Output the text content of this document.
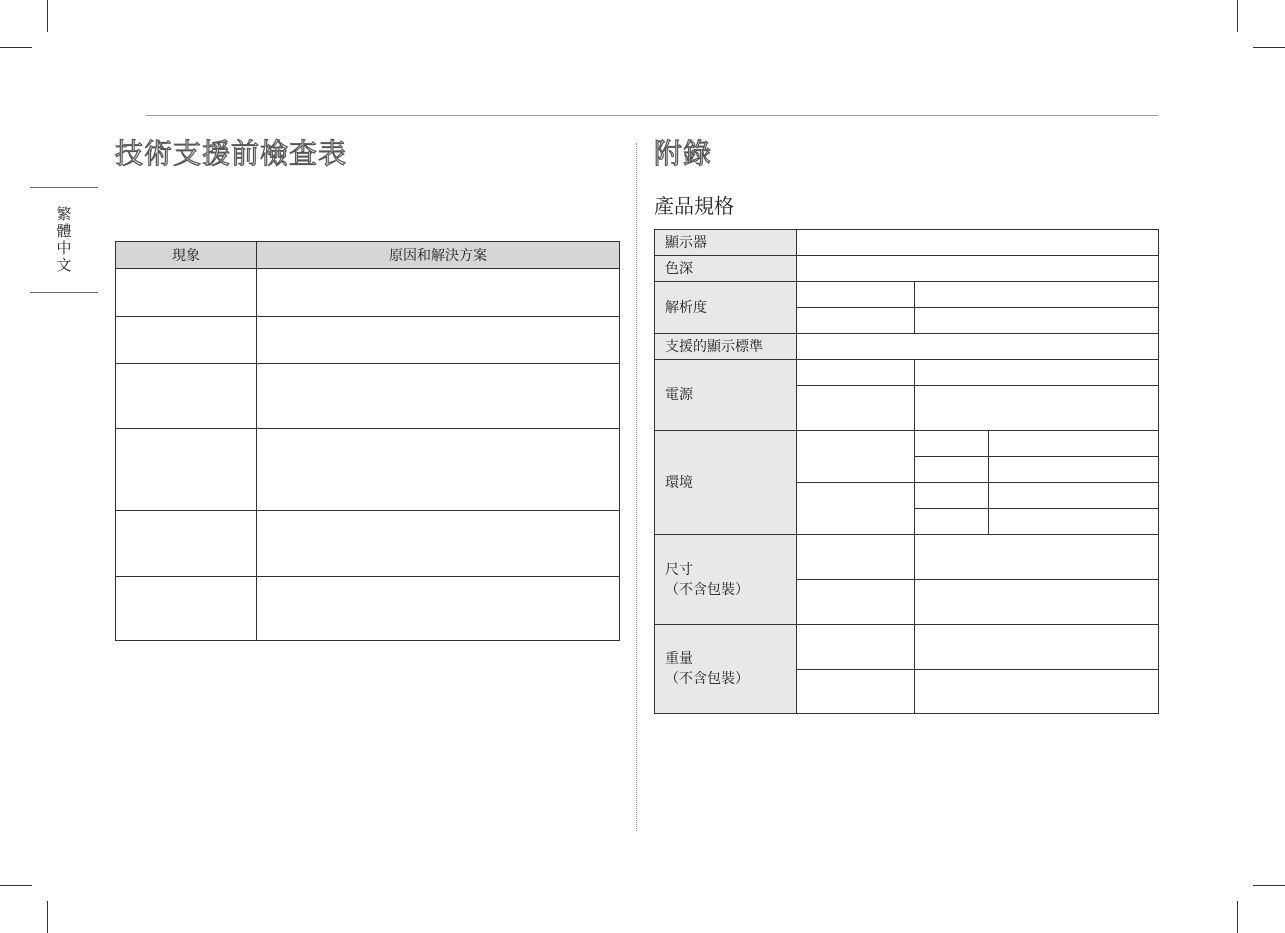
繁體中文
技術支援前檢查表
現象	原因和解決方案

附錄
產品規格
顯示器			
色深			
解析度			

支援的顯示標準			
電源			

環境			

尺寸
（不含包裝）			

重量
（不含包裝）			
